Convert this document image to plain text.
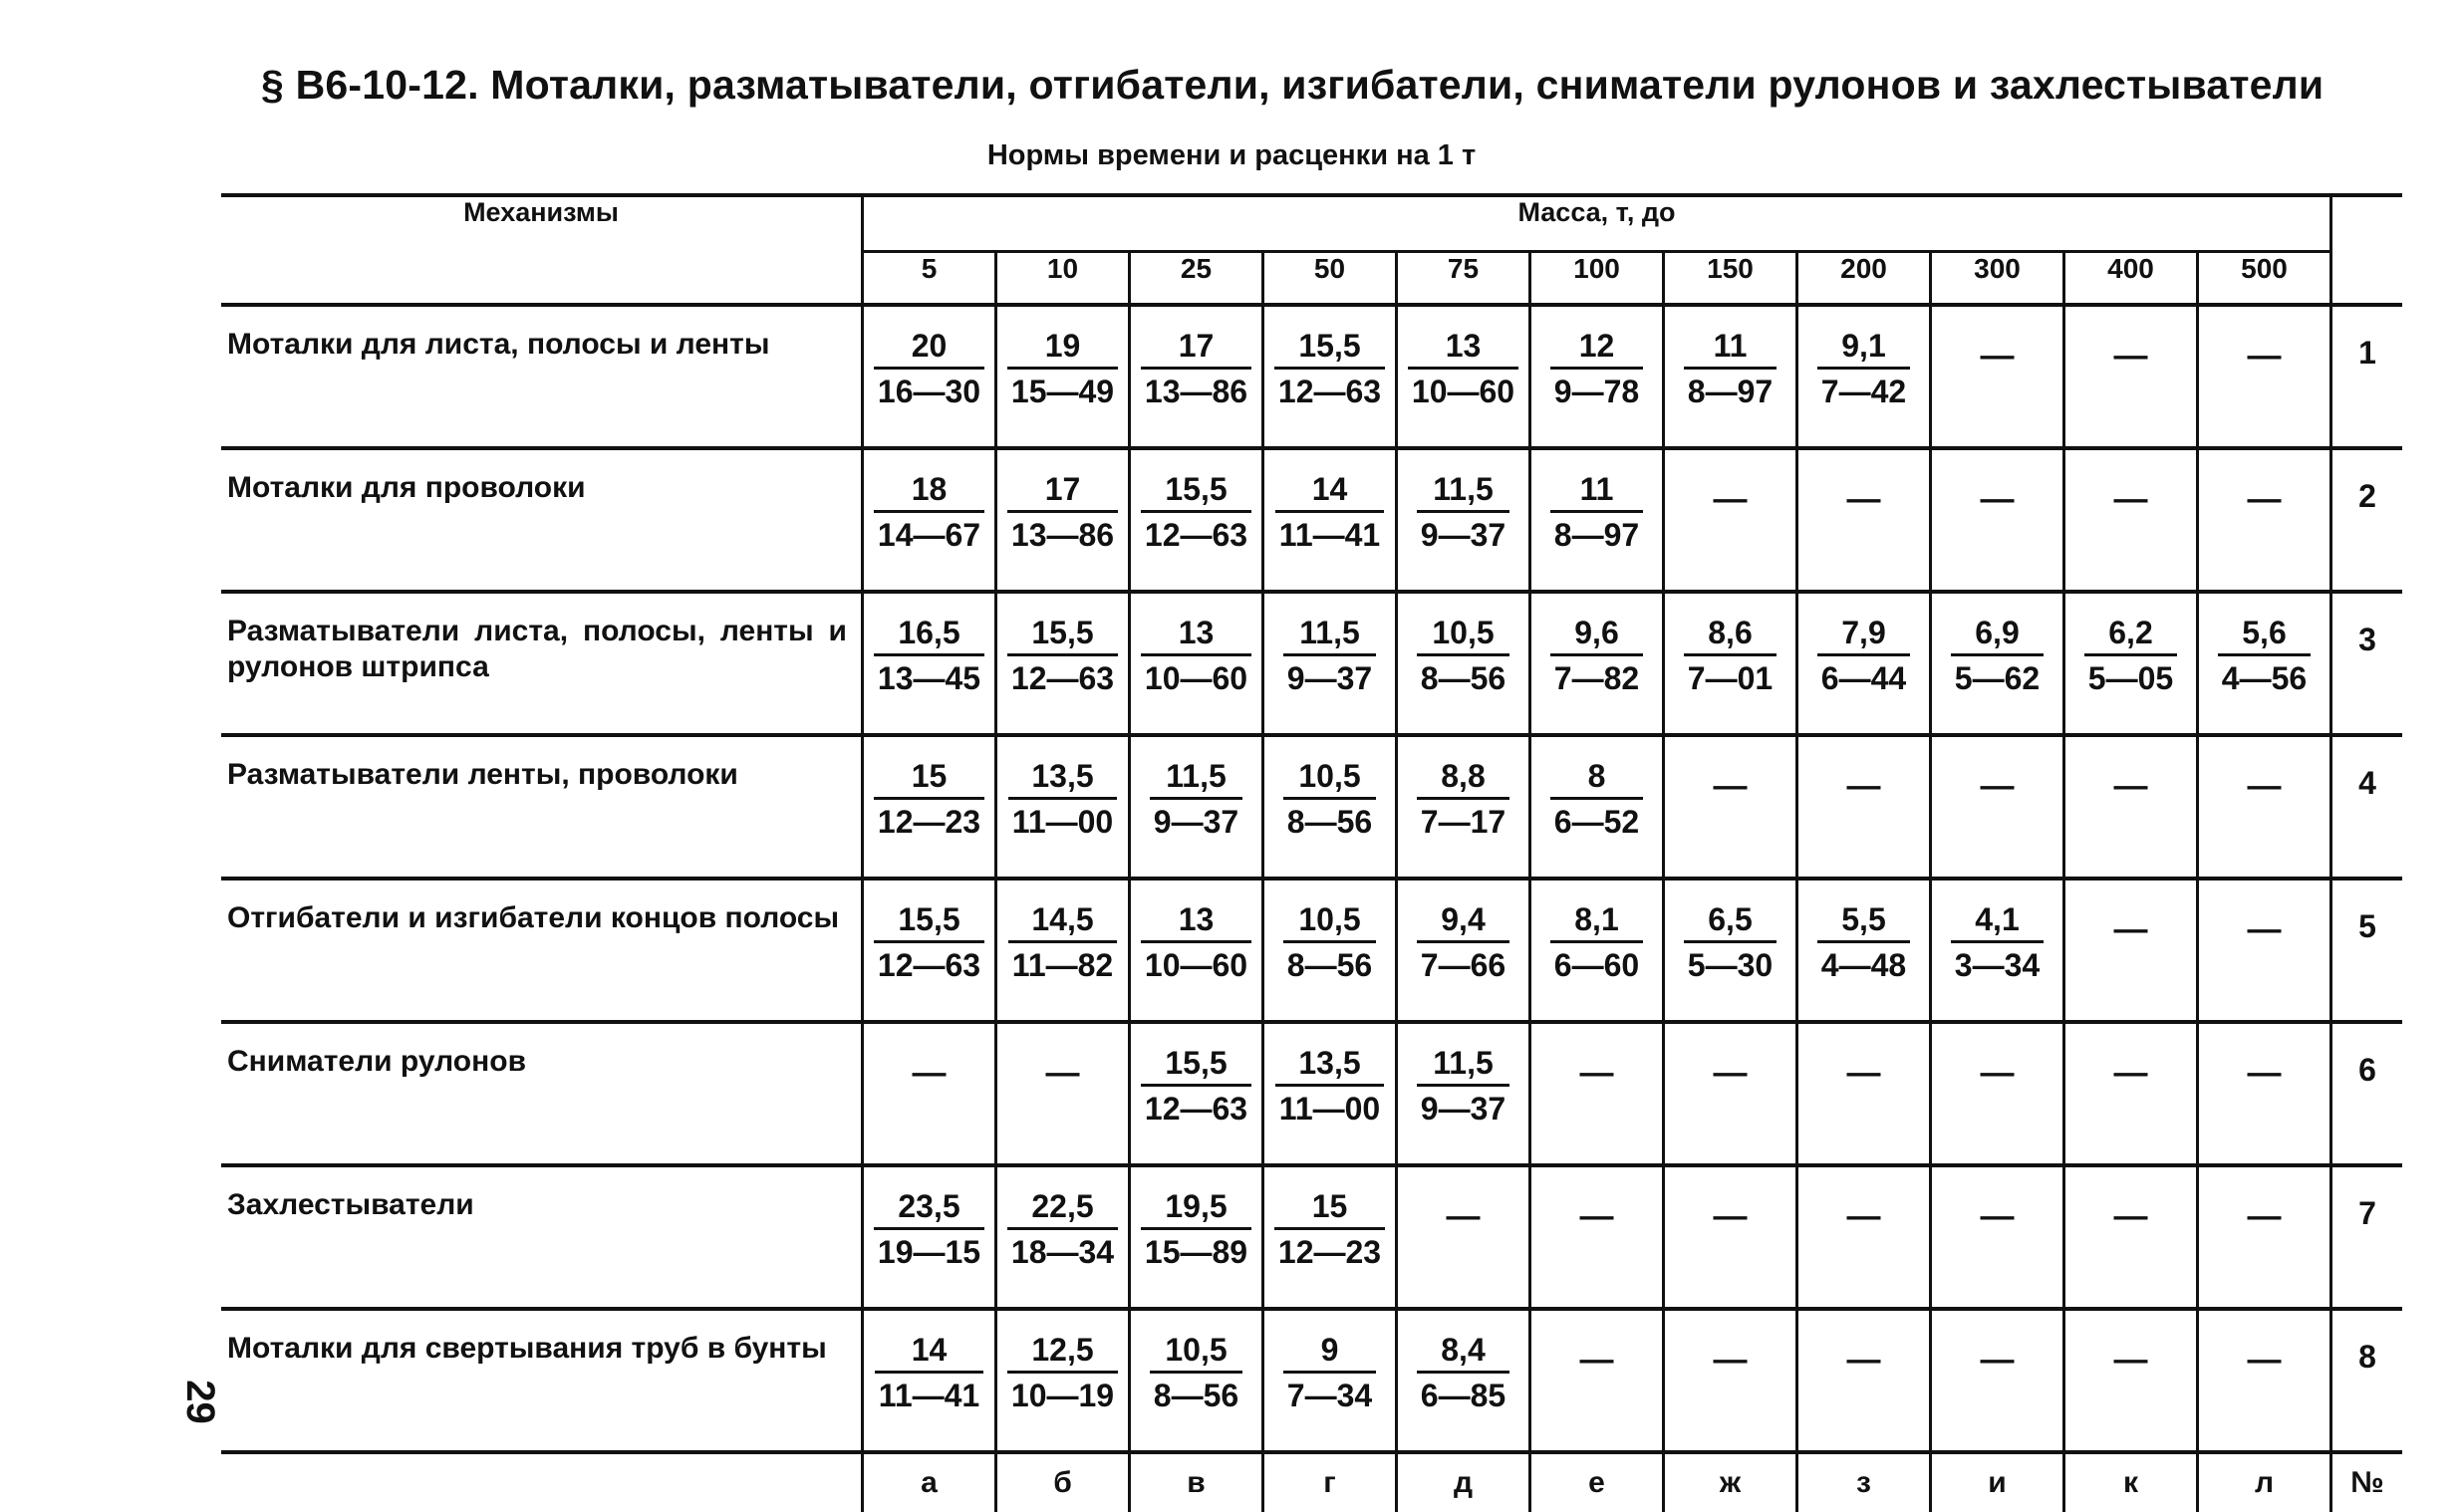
§ В6-10-12. Моталки, разматыватели, отгибатели, изгибатели, сниматели рулонов и захлестыватели
Нормы времени и расценки на 1 т
Механизмы	Масса, т, до											
	5	10	25	50	75	100	150	200	300	400	500	
Моталки для листа, полосы и ленты	$\frac{20}{16—30}$	$\frac{19}{15—49}$	$\frac{17}{13—86}$	$\frac{15,5}{12—63}$	$\frac{13}{10—60}$	$\frac{12}{9—78}$	$\frac{11}{8—97}$	$\frac{9,1}{7—42}$	—	—	—	1

Моталки для проволоки	$\frac{18}{14—67}$	$\frac{17}{13—86}$	$\frac{15,5}{12—63}$	$\frac{14}{11—41}$	$\frac{11,5}{9—37}$	$\frac{11}{8—97}$	—	—	—	—	—	2

Разматыватели листа, полосы, ленты и рулонов штрипса	$\frac{16,5}{13—45}$	$\frac{15,5}{12—63}$	$\frac{13}{10—60}$	$\frac{11,5}{9—37}$	$\frac{10,5}{8—56}$	$\frac{9,6}{7—82}$	$\frac{8,6}{7—01}$	$\frac{7,9}{6—44}$	$\frac{6,9}{5—62}$	$\frac{6,2}{5—05}$	$\frac{5,6}{4—56}$	3

Разматыватели ленты, проволоки	$\frac{15}{12—23}$	$\frac{13,5}{11—00}$	$\frac{11,5}{9—37}$	$\frac{10,5}{8—56}$	$\frac{8,8}{7—17}$	$\frac{8}{6—52}$	—	—	—	—	—	4

Отгибатели и изгибатели концов полосы	$\frac{15,5}{12—63}$	$\frac{14,5}{11—82}$	$\frac{13}{10—60}$	$\frac{10,5}{8—56}$	$\frac{9,4}{7—66}$	$\frac{8,1}{6—60}$	$\frac{6,5}{5—30}$	$\frac{5,5}{4—48}$	$\frac{4,1}{3—34}$	—	—	5

Сниматели рулонов	—	—	$\frac{15,5}{12—63}$	$\frac{13,5}{11—00}$	$\frac{11,5}{9—37}$	—	—	—	—	—	—	6

Захлестыватели	$\frac{23,5}{19—15}$	$\frac{22,5}{18—34}$	$\frac{19,5}{15—89}$	$\frac{15}{12—23}$	—	—	—	—	—	—	—	7

Моталки для свертывания труб в бунты	$\frac{14}{11—41}$	$\frac{12,5}{10—19}$	$\frac{10,5}{8—56}$	$\frac{9}{7—34}$	$\frac{8,4}{6—85}$	—	—	—	—	—	—	8

	а	б	в	г	д	е	ж	з	и	к	л	№
29
